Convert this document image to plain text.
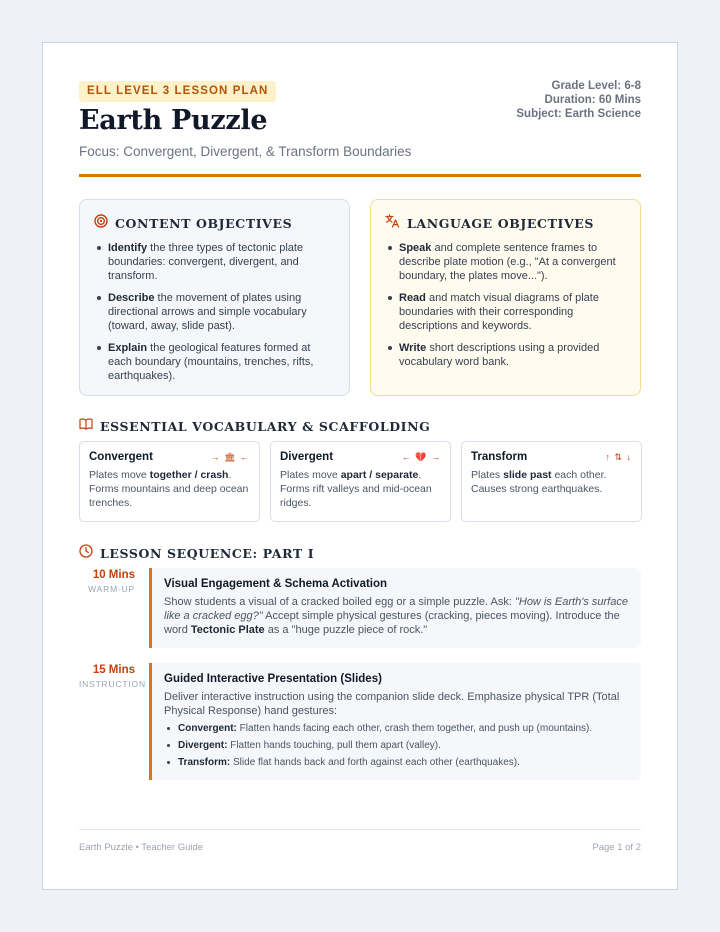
ELL LEVEL 3 LESSON PLAN
Earth Puzzle
Focus: Convergent, Divergent, & Transform Boundaries
Grade Level: 6-8
Duration: 60 Mins
Subject: Earth Science
CONTENT OBJECTIVES
Identify the three types of tectonic plate boundaries: convergent, divergent, and transform.
Describe the movement of plates using directional arrows and simple vocabulary (toward, away, slide past).
Explain the geological features formed at each boundary (mountains, trenches, rifts, earthquakes).
LANGUAGE OBJECTIVES
Speak and complete sentence frames to describe plate motion (e.g., "At a convergent boundary, the plates move...").
Read and match visual diagrams of plate boundaries with their corresponding descriptions and keywords.
Write short descriptions using a provided vocabulary word bank.
ESSENTIAL VOCABULARY & SCAFFOLDING
Convergent	→ 🏛 ←
Plates move together / crash. Forms mountains and deep ocean trenches.
Divergent	← 💔 →
Plates move apart / separate. Forms rift valleys and mid-ocean ridges.
Transform	↑ ⇅ ↓
Plates slide past each other. Causes strong earthquakes.
LESSON SEQUENCE: PART I
10 Mins
WARM-UP	Visual Engagement & Schema Activation
Show students a visual of a cracked boiled egg or a simple puzzle. Ask: "How is Earth's surface like a cracked egg?" Accept simple physical gestures (cracking, pieces moving). Introduce the word Tectonic Plate as a "huge puzzle piece of rock."
15 Mins
INSTRUCTION Guided Interactive Presentation (Slides)
Deliver interactive instruction using the companion slide deck. Emphasize physical TPR (Total Physical Response) hand gestures:
Convergent: Flatten hands facing each other, crash them together, and push up (mountains).
Divergent: Flatten hands touching, pull them apart (valley).
Transform: Slide flat hands back and forth against each other (earthquakes).
Earth Puzzle • Teacher Guide	Page 1 of 2
